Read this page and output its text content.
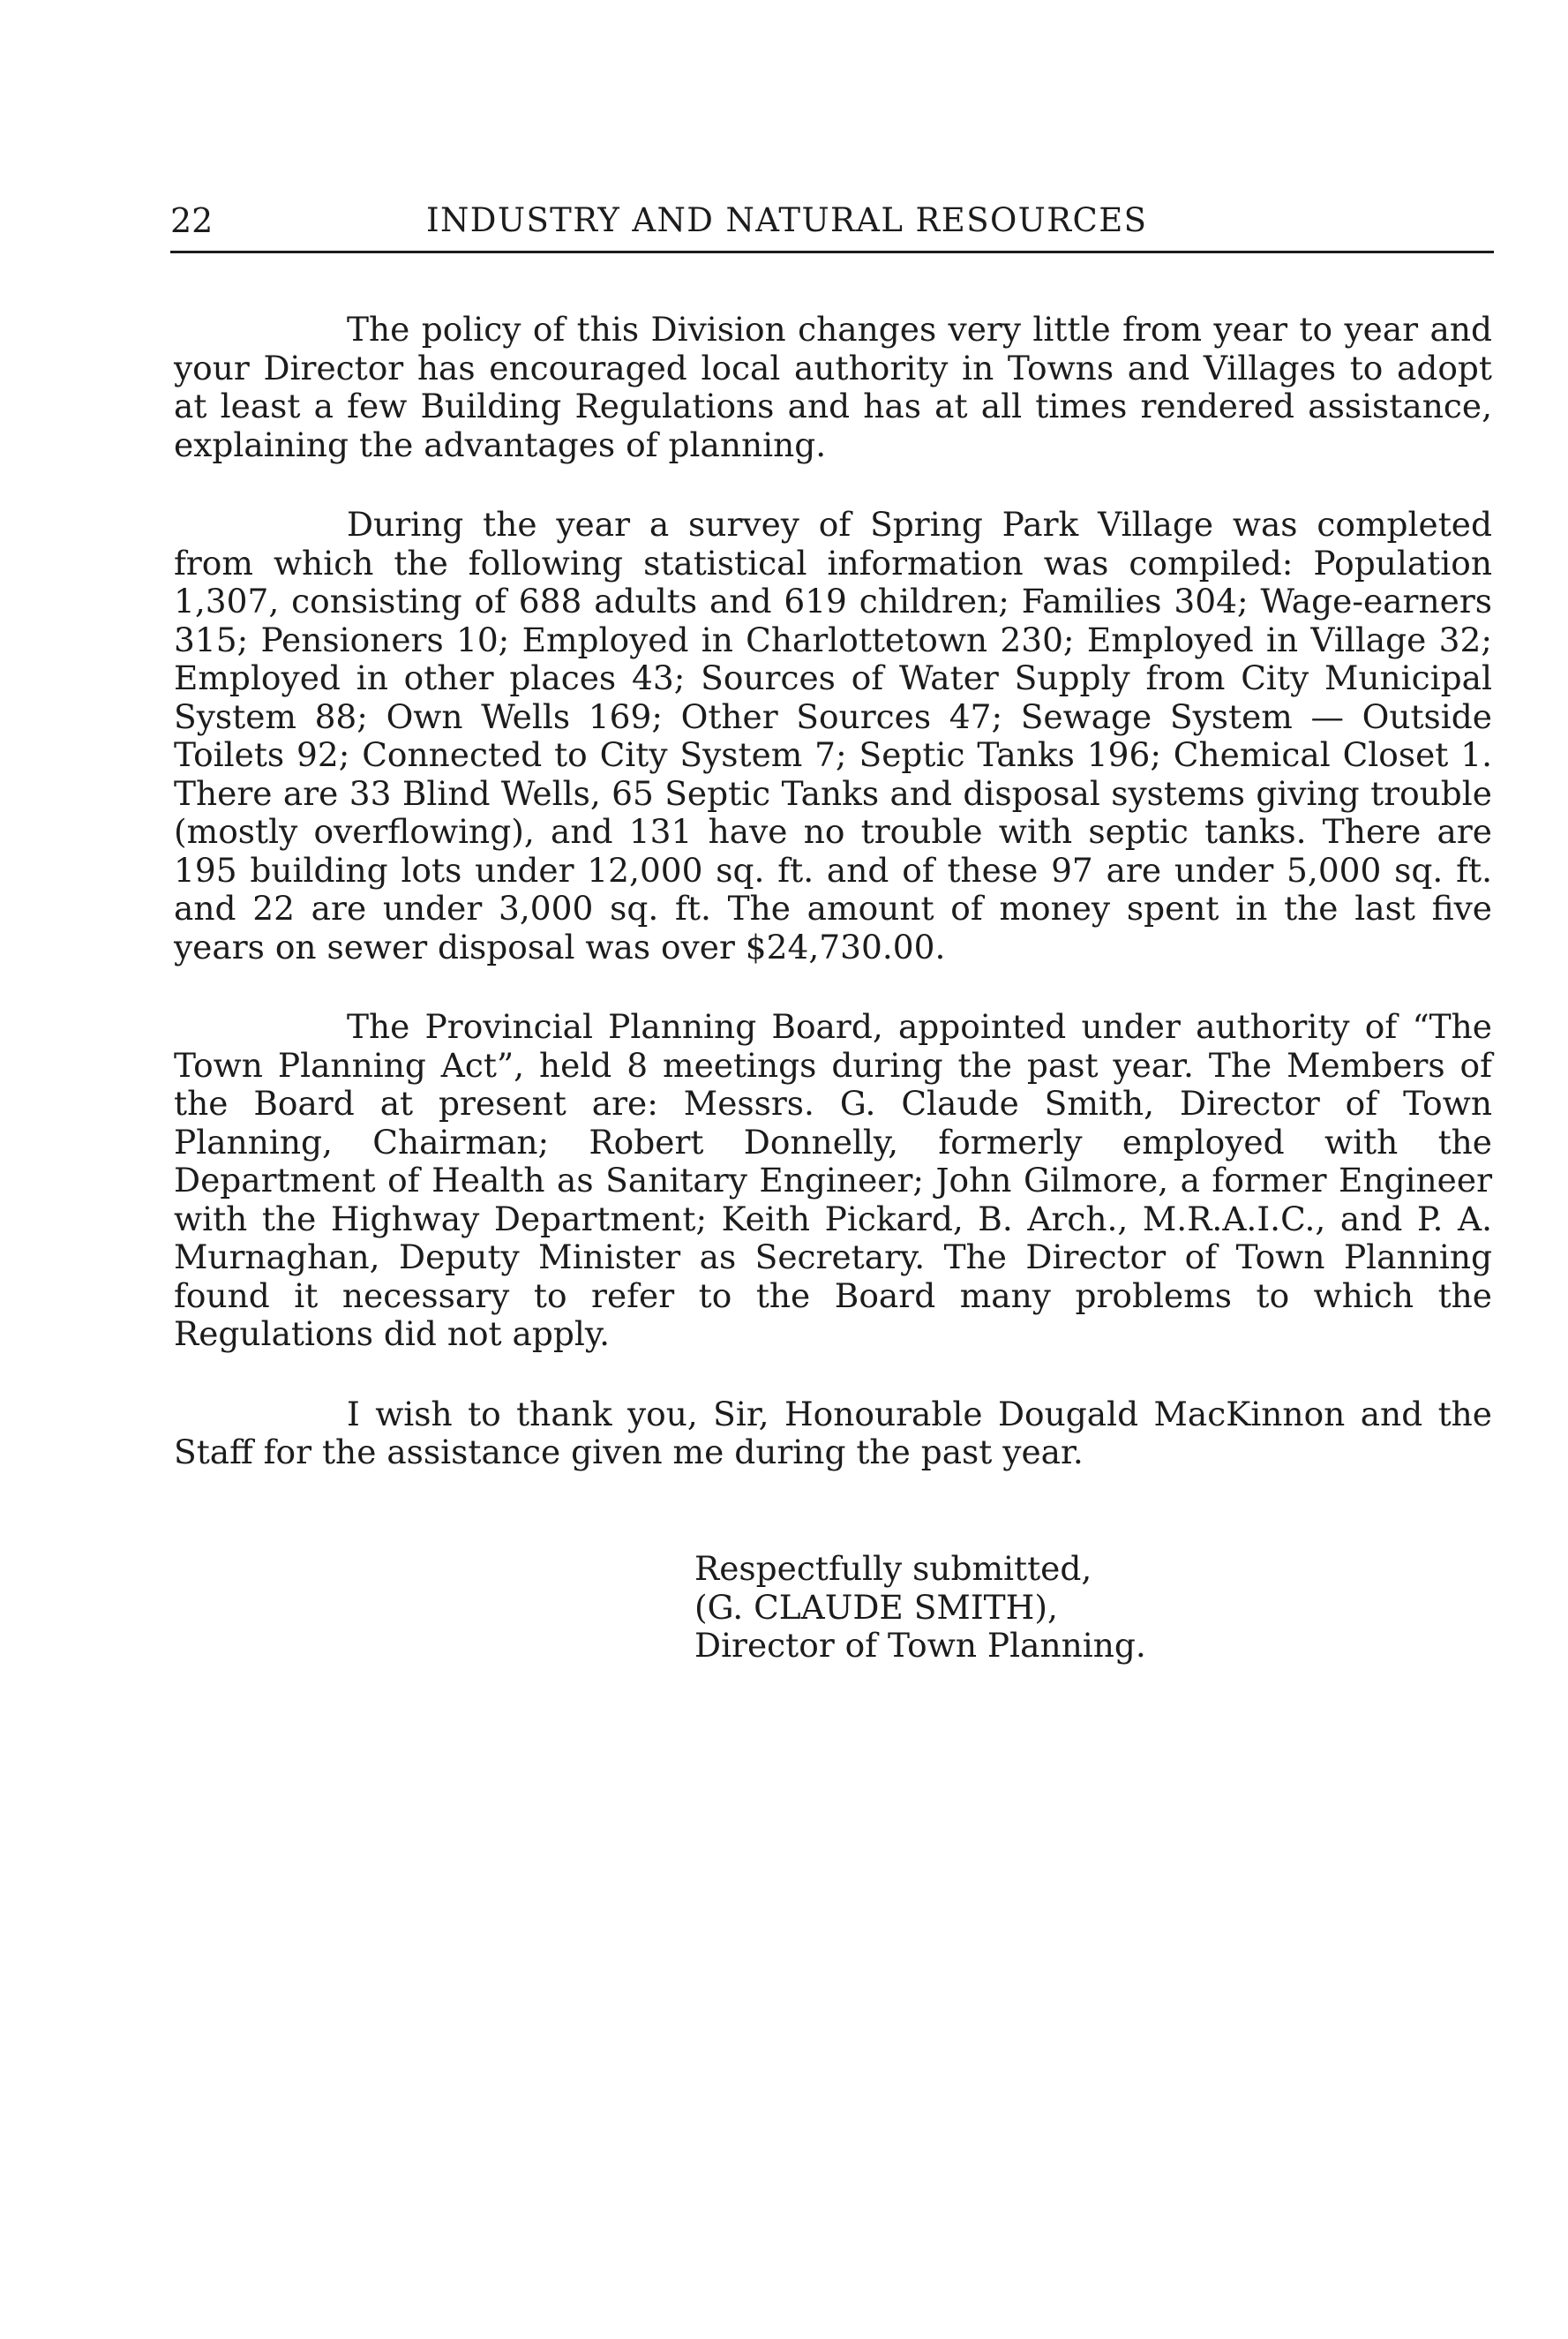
22	INDUSTRY AND NATURAL RESOURCES

The policy of this Division changes very little from year to year and your Director has encouraged local authority in Towns and Villages to adopt at least a few Building Regulations and has at all times rendered assistance, explaining the advantages of planning.

During the year a survey of Spring Park Village was completed from which the following statistical information was compiled: Population 1,307, consisting of 688 adults and 619 children; Families 304; Wage-earners 315; Pensioners 10; Employed in Charlottetown 230; Employed in Village 32; Employed in other places 43; Sources of Water Supply from City Municipal System 88; Own Wells 169; Other Sources 47; Sewage System — Outside Toilets 92; Connected to City System 7; Septic Tanks 196; Chemical Closet 1. There are 33 Blind Wells, 65 Septic Tanks and disposal systems giving trouble (mostly overflowing), and 131 have no trouble with septic tanks. There are 195 building lots under 12,000 sq. ft. and of these 97 are under 5,000 sq. ft. and 22 are under 3,000 sq. ft. The amount of money spent in the last five years on sewer disposal was over $24,730.00.

The Provincial Planning Board, appointed under authority of “The Town Planning Act”, held 8 meetings during the past year. The Members of the Board at present are: Messrs. G. Claude Smith, Director of Town Planning, Chairman; Robert Donnelly, formerly employed with the Department of Health as Sanitary Engineer; John Gilmore, a former Engineer with the Highway Department; Keith Pickard, B. Arch., M.R.A.I.C., and P. A. Murnaghan, Deputy Minister as Secretary. The Director of Town Planning found it necessary to refer to the Board many problems to which the Regulations did not apply.

I wish to thank you, Sir, Honourable Dougald MacKinnon and the Staff for the assistance given me during the past year.

Respectfully submitted,
(G. CLAUDE SMITH),
Director of Town Planning.
